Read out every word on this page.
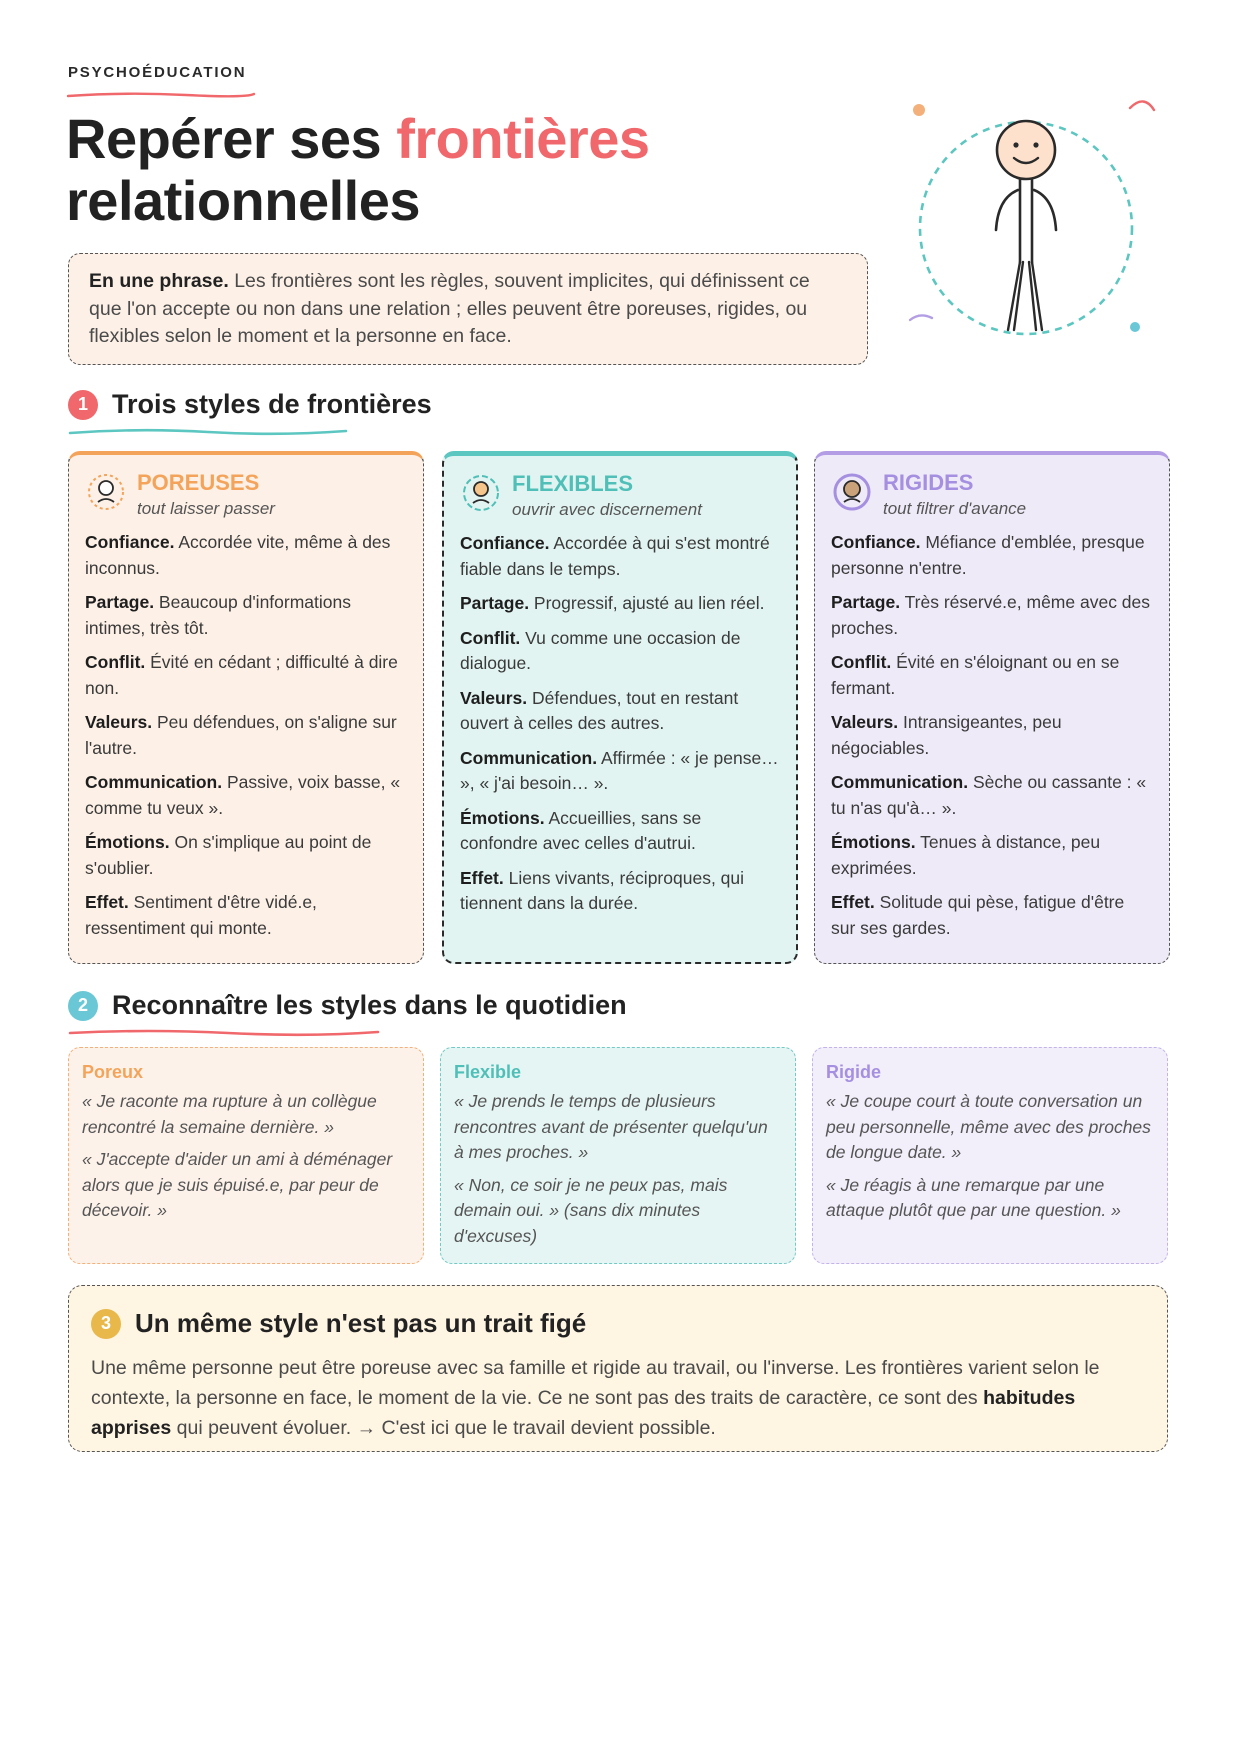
PSYCHOÉDUCATION
Repérer ses frontières
relationnelles
En une phrase. Les frontières sont les règles, souvent implicites, qui définissent ce que l'on accepte ou non dans une relation ; elles peuvent être poreuses, rigides, ou flexibles selon le moment et la personne en face.
1 Trois styles de frontières
POREUSES
tout laisser passer
Confiance. Accordée vite, même à des inconnus.
Partage. Beaucoup d'informations intimes, très tôt.
Conflit. Évité en cédant ; difficulté à dire non.
Valeurs. Peu défendues, on s'aligne sur l'autre.
Communication. Passive, voix basse, « comme tu veux ».
Émotions. On s'implique au point de s'oublier.
Effet. Sentiment d'être vidé.e, ressentiment qui monte.
FLEXIBLES
ouvrir avec discernement
Confiance. Accordée à qui s'est montré fiable dans le temps.
Partage. Progressif, ajusté au lien réel.
Conflit. Vu comme une occasion de dialogue.
Valeurs. Défendues, tout en restant ouvert à celles des autres.
Communication. Affirmée : « je pense… », « j'ai besoin… ».
Émotions. Accueillies, sans se confondre avec celles d'autrui.
Effet. Liens vivants, réciproques, qui tiennent dans la durée.
RIGIDES
tout filtrer d'avance
Confiance. Méfiance d'emblée, presque personne n'entre.
Partage. Très réservé.e, même avec des proches.
Conflit. Évité en s'éloignant ou en se fermant.
Valeurs. Intransigeantes, peu négociables.
Communication. Sèche ou cassante : « tu n'as qu'à… ».
Émotions. Tenues à distance, peu exprimées.
Effet. Solitude qui pèse, fatigue d'être sur ses gardes.
2 Reconnaître les styles dans le quotidien
Poreux
« Je raconte ma rupture à un collègue rencontré la semaine dernière. »
« J'accepte d'aider un ami à déménager alors que je suis épuisé.e, par peur de décevoir. »
Flexible
« Je prends le temps de plusieurs rencontres avant de présenter quelqu'un à mes proches. »
« Non, ce soir je ne peux pas, mais demain oui. » (sans dix minutes d'excuses)
Rigide
« Je coupe court à toute conversation un peu personnelle, même avec des proches de longue date. »
« Je réagis à une remarque par une attaque plutôt que par une question. »
3 Un même style n'est pas un trait figé
Une même personne peut être poreuse avec sa famille et rigide au travail, ou l'inverse. Les frontières varient selon le contexte, la personne en face, le moment de la vie. Ce ne sont pas des traits de caractère, ce sont des habitudes apprises qui peuvent évoluer. → C'est ici que le travail devient possible.
